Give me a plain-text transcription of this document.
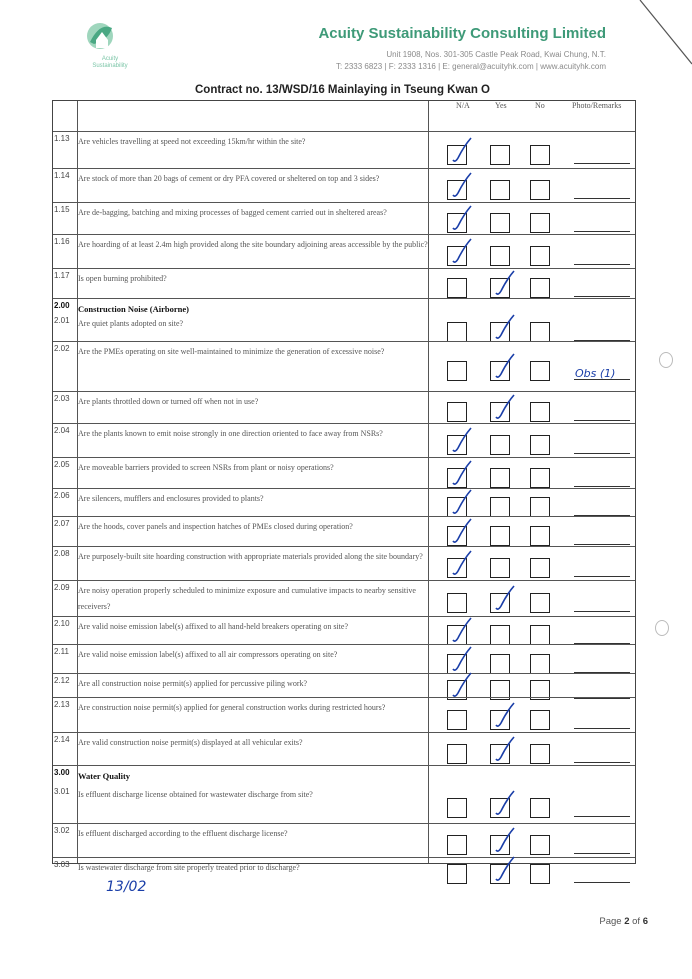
Acuity
Sustainability
Acuity Sustainability Consulting Limited
Unit 1908, Nos. 301-305 Castle Peak Road, Kwai Chung, N.T.
T: 2333 6823 | F: 2333 1316 | E: general@acuityhk.com | www.acuityhk.com
Contract no. 13/WSD/16 Mainlaying in Tseung Kwan O
N/A	Yes	No	Photo/Remarks
1.13 Are vehicles travelling at speed not exceeding 15km/hr within the site?
1.14 Are stock of more than 20 bags of cement or dry PFA covered or sheltered on top and 3 sides?
1.15 Are de-bagging, batching and mixing processes of bagged cement carried out in sheltered areas?
1.16 Are hoarding of at least 2.4m high provided along the site boundary adjoining areas accessible by the public?
1.17 Is open burning prohibited?
2.00 Construction Noise (Airborne)
2.01 Are quiet plants adopted on site?
2.02 Are the PMEs operating on site well-maintained to minimize the generation of excessive noise?
Obs (1)
2.03 Are plants throttled down or turned off when not in use?
2.04 Are the plants known to emit noise strongly in one direction oriented to face away from NSRs?
2.05 Are moveable barriers provided to screen NSRs from plant or noisy operations?
2.06 Are silencers, mufflers and enclosures provided to plants?
2.07 Are the hoods, cover panels and inspection hatches of PMEs closed during operation?
2.08 Are purposely-built site hoarding construction with appropriate materials provided along the site boundary?
2.09 Are noisy operation properly scheduled to minimize exposure and cumulative impacts to nearby sensitive receivers?
2.10 Are valid noise emission label(s) affixed to all hand-held breakers operating on site?
2.11 Are valid noise emission label(s) affixed to all air compressors operating on site?
2.12 Are all construction noise permit(s) applied for percussive piling work?
2.13 Are construction noise permit(s) applied for general construction works during restricted hours?
2.14 Are valid construction noise permit(s) displayed at all vehicular exits?
3.00 Water Quality
3.01 Is effluent discharge license obtained for wastewater discharge from site?
3.02 Is effluent discharged according to the effluent discharge license?
3.03 Is wastewater discharge from site properly treated prior to discharge?
13/02
Page 2 of 6
